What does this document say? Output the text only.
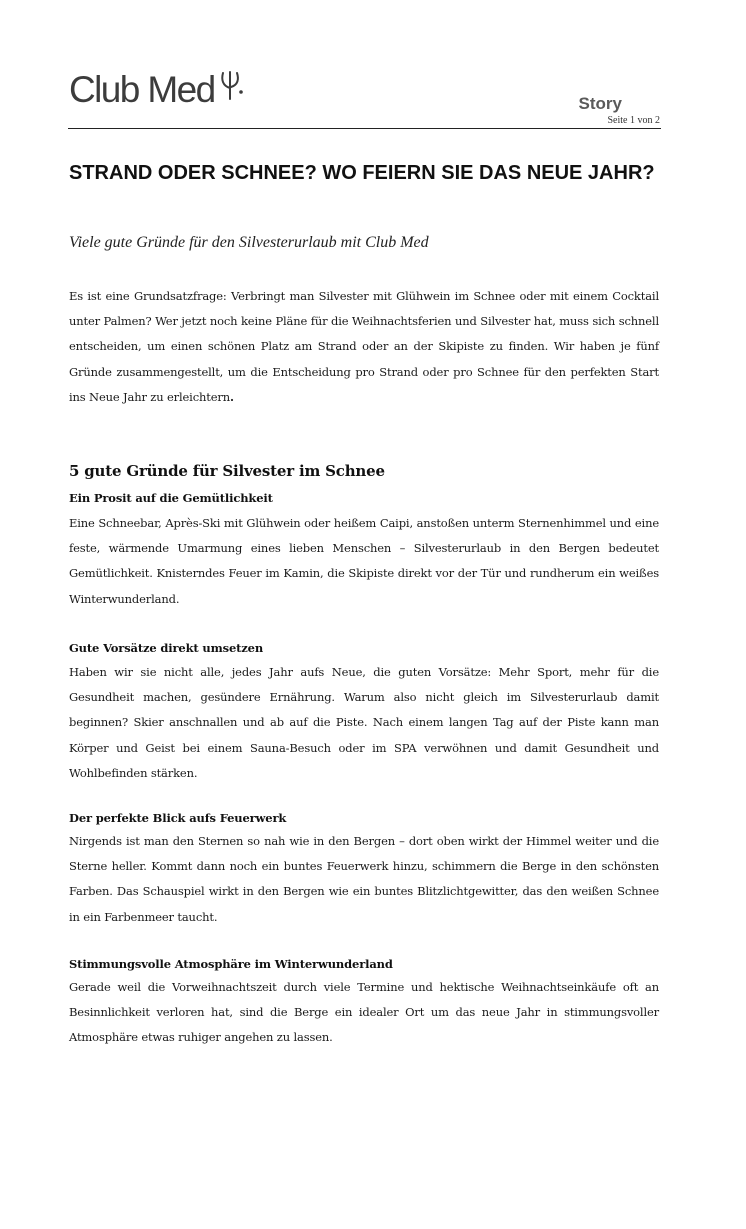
Club Med	Story
Seite 1 von 2
STRAND ODER SCHNEE? WO FEIERN SIE DAS NEUE JAHR?

Viele gute Gründe für den Silvesterurlaub mit Club Med

Es ist eine Grundsatzfrage: Verbringt man Silvester mit Glühwein im Schnee oder mit einem Cocktail unter Palmen? Wer jetzt noch keine Pläne für die Weihnachtsferien und Silvester hat, muss sich schnell entscheiden, um einen schönen Platz am Strand oder an der Skipiste zu finden. Wir haben je fünf Gründe zusammengestellt, um die Entscheidung pro Strand oder pro Schnee für den perfekten Start ins Neue Jahr zu erleichtern.

5 gute Gründe für Silvester im Schnee
Ein Prosit auf die Gemütlichkeit

Eine Schneebar, Après-Ski mit Glühwein oder heißem Caipi, anstoßen unterm Sternenhimmel und eine feste, wärmende Umarmung eines lieben Menschen – Silvesterurlaub in den Bergen bedeutet Gemütlichkeit. Knisterndes Feuer im Kamin, die Skipiste direkt vor der Tür und rundherum ein weißes Winterwunderland.

Gute Vorsätze direkt umsetzen

Haben wir sie nicht alle, jedes Jahr aufs Neue, die guten Vorsätze: Mehr Sport, mehr für die Gesundheit machen, gesündere Ernährung. Warum also nicht gleich im Silvesterurlaub damit beginnen? Skier anschnallen und ab auf die Piste. Nach einem langen Tag auf der Piste kann man Körper und Geist bei einem Sauna-Besuch oder im SPA verwöhnen und damit Gesundheit und Wohlbefinden stärken.

Der perfekte Blick aufs Feuerwerk

Nirgends ist man den Sternen so nah wie in den Bergen – dort oben wirkt der Himmel weiter und die Sterne heller. Kommt dann noch ein buntes Feuerwerk hinzu, schimmern die Berge in den schönsten Farben. Das Schauspiel wirkt in den Bergen wie ein buntes Blitzlichtgewitter, das den weißen Schnee in ein Farbenmeer taucht.

Stimmungsvolle Atmosphäre im Winterwunderland

Gerade weil die Vorweihnachtszeit durch viele Termine und hektische Weihnachtseinkäufe oft an Besinnlichkeit verloren hat, sind die Berge ein idealer Ort um das neue Jahr in stimmungsvoller Atmosphäre etwas ruhiger angehen zu lassen.
